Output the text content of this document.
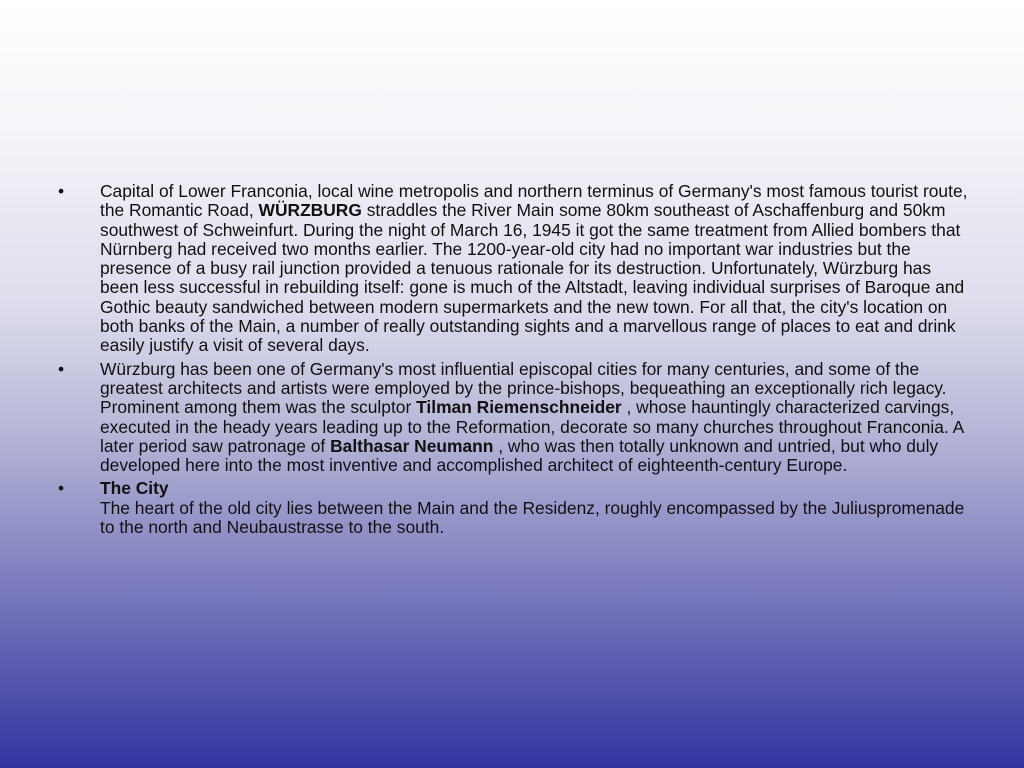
• Capital of Lower Franconia, local wine metropolis and northern terminus of Germany's most famous tourist route, the Romantic Road, WÜRZBURG straddles the River Main some 80km southeast of Aschaffenburg and 50km southwest of Schweinfurt. During the night of March 16, 1945 it got the same treatment from Allied bombers that Nürnberg had received two months earlier. The 1200-year-old city had no important war industries but the presence of a busy rail junction provided a tenuous rationale for its destruction. Unfortunately, Würzburg has been less successful in rebuilding itself: gone is much of the Altstadt, leaving individual surprises of Baroque and Gothic beauty sandwiched between modern supermarkets and the new town. For all that, the city's location on both banks of the Main, a number of really outstanding sights and a marvellous range of places to eat and drink easily justify a visit of several days.
• Würzburg has been one of Germany's most influential episcopal cities for many centuries, and some of the greatest architects and artists were employed by the prince-bishops, bequeathing an exceptionally rich legacy. Prominent among them was the sculptor Tilman Riemenschneider , whose hauntingly characterized carvings, executed in the heady years leading up to the Reformation, decorate so many churches throughout Franconia. A later period saw patronage of Balthasar Neumann , who was then totally unknown and untried, but who duly developed here into the most inventive and accomplished architect of eighteenth-century Europe.
• The City
The heart of the old city lies between the Main and the Residenz, roughly encompassed by the Juliuspromenade to the north and Neubaustrasse to the south.
